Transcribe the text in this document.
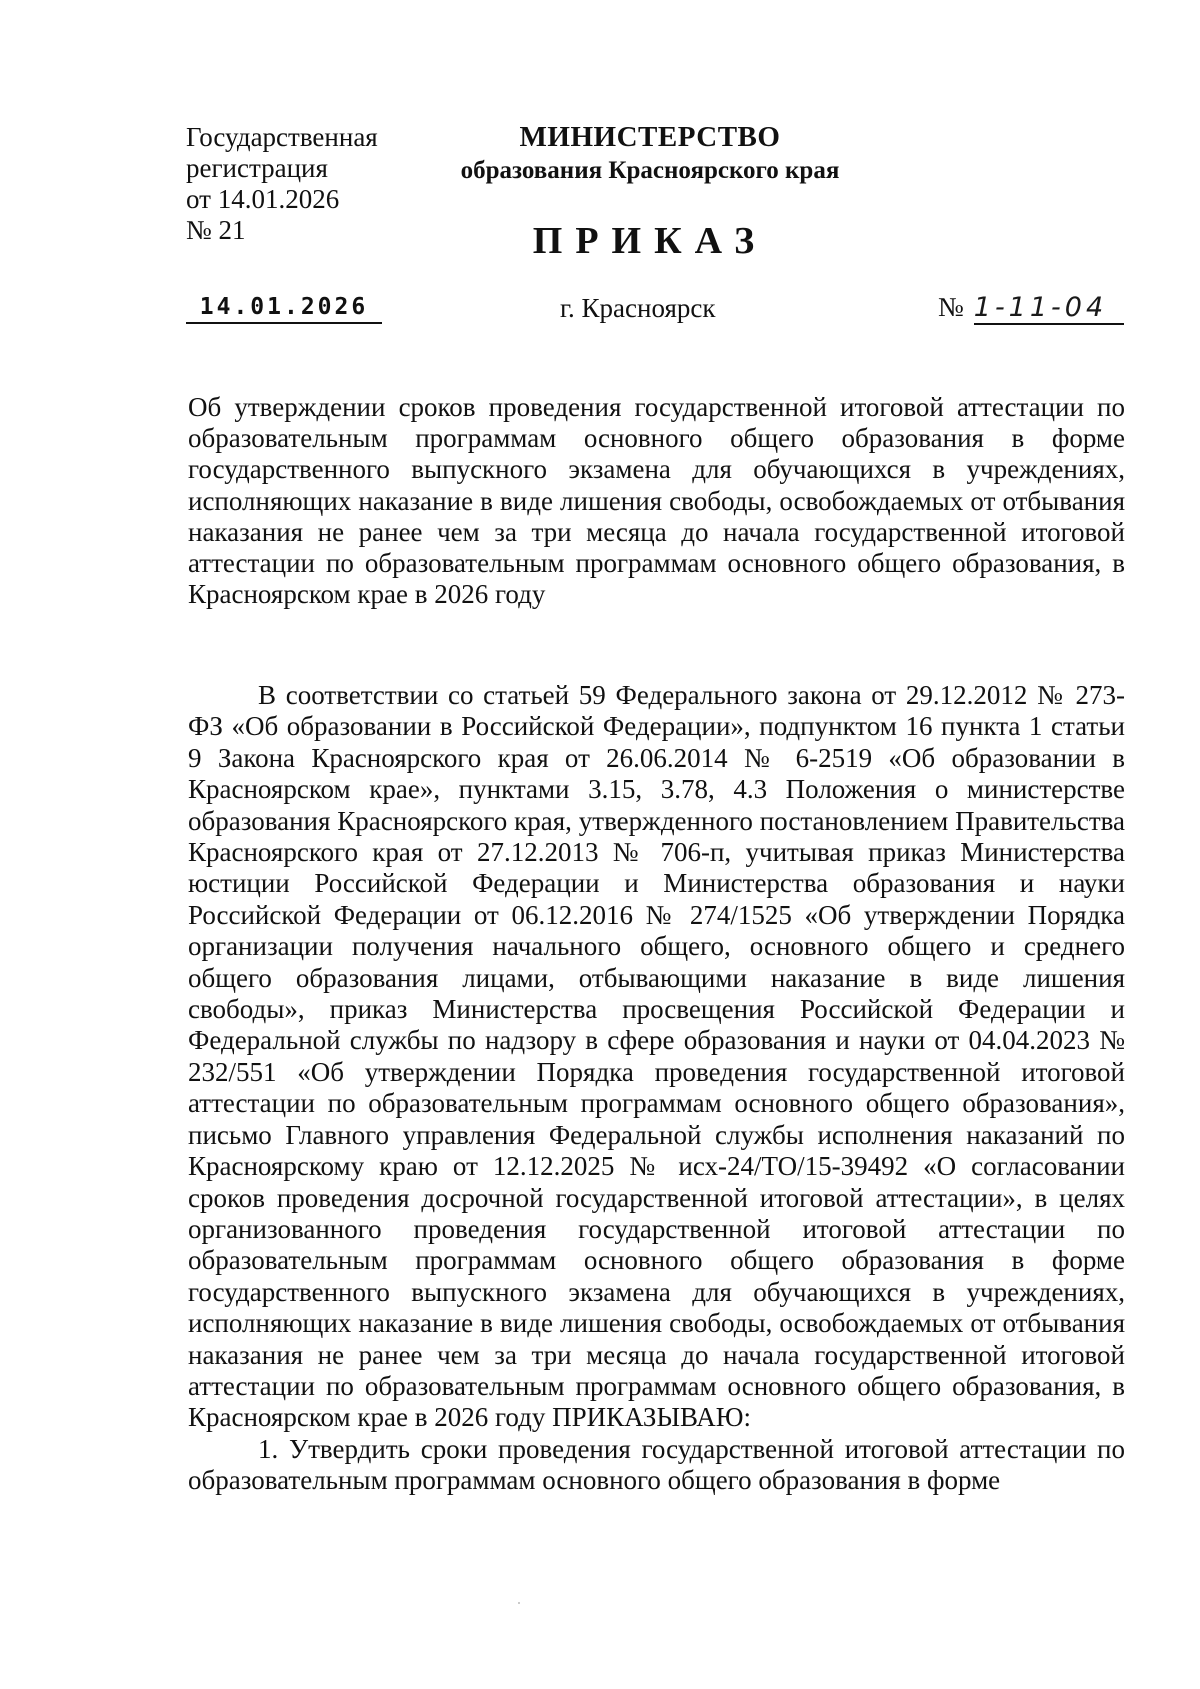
Государственная
регистрация
от 14.01.2026
№ 21
МИНИСТЕРСТВО
образования Красноярского края
ПРИКАЗ
14.01.2026	г. Красноярск	№ 1-11-04
Об утверждении сроков проведения государственной итоговой аттестации по образовательным программам основного общего образования в форме государственного выпускного экзамена для обучающихся в учреждениях, исполняющих наказание в виде лишения свободы, освобождаемых от отбывания наказания не ранее чем за три месяца до начала государственной итоговой аттестации по образовательным программам основного общего образования, в Красноярском крае в 2026 году

В соответствии со статьей 59 Федерального закона от 29.12.2012 № 273-ФЗ «Об образовании в Российской Федерации», подпунктом 16 пункта 1 статьи 9 Закона Красноярского края от 26.06.2014 № 6-2519 «Об образовании в Красноярском крае», пунктами 3.15, 3.78, 4.3 Положения о министерстве образования Красноярского края, утвержденного постановлением Правительства Красноярского края от 27.12.2013 № 706-п, учитывая приказ Министерства юстиции Российской Федерации и Министерства образования и науки Российской Федерации от 06.12.2016 № 274/1525 «Об утверждении Порядка организации получения начального общего, основного общего и среднего общего образования лицами, отбывающими наказание в виде лишения свободы», приказ Министерства просвещения Российской Федерации и Федеральной службы по надзору в сфере образования и науки от 04.04.2023 № 232/551 «Об утверждении Порядка проведения государственной итоговой аттестации по образовательным программам основного общего образования», письмо Главного управления Федеральной службы исполнения наказаний по Красноярскому краю от 12.12.2025 № исх-24/ТО/15-39492 «О согласовании сроков проведения досрочной государственной итоговой аттестации», в целях организованного проведения государственной итоговой аттестации по образовательным программам основного общего образования в форме государственного выпускного экзамена для обучающихся в учреждениях, исполняющих наказание в виде лишения свободы, освобождаемых от отбывания наказания не ранее чем за три месяца до начала государственной итоговой аттестации по образовательным программам основного общего образования, в Красноярском крае в 2026 году ПРИКАЗЫВАЮ:

1. Утвердить сроки проведения государственной итоговой аттестации по образовательным программам основного общего образования в форме
